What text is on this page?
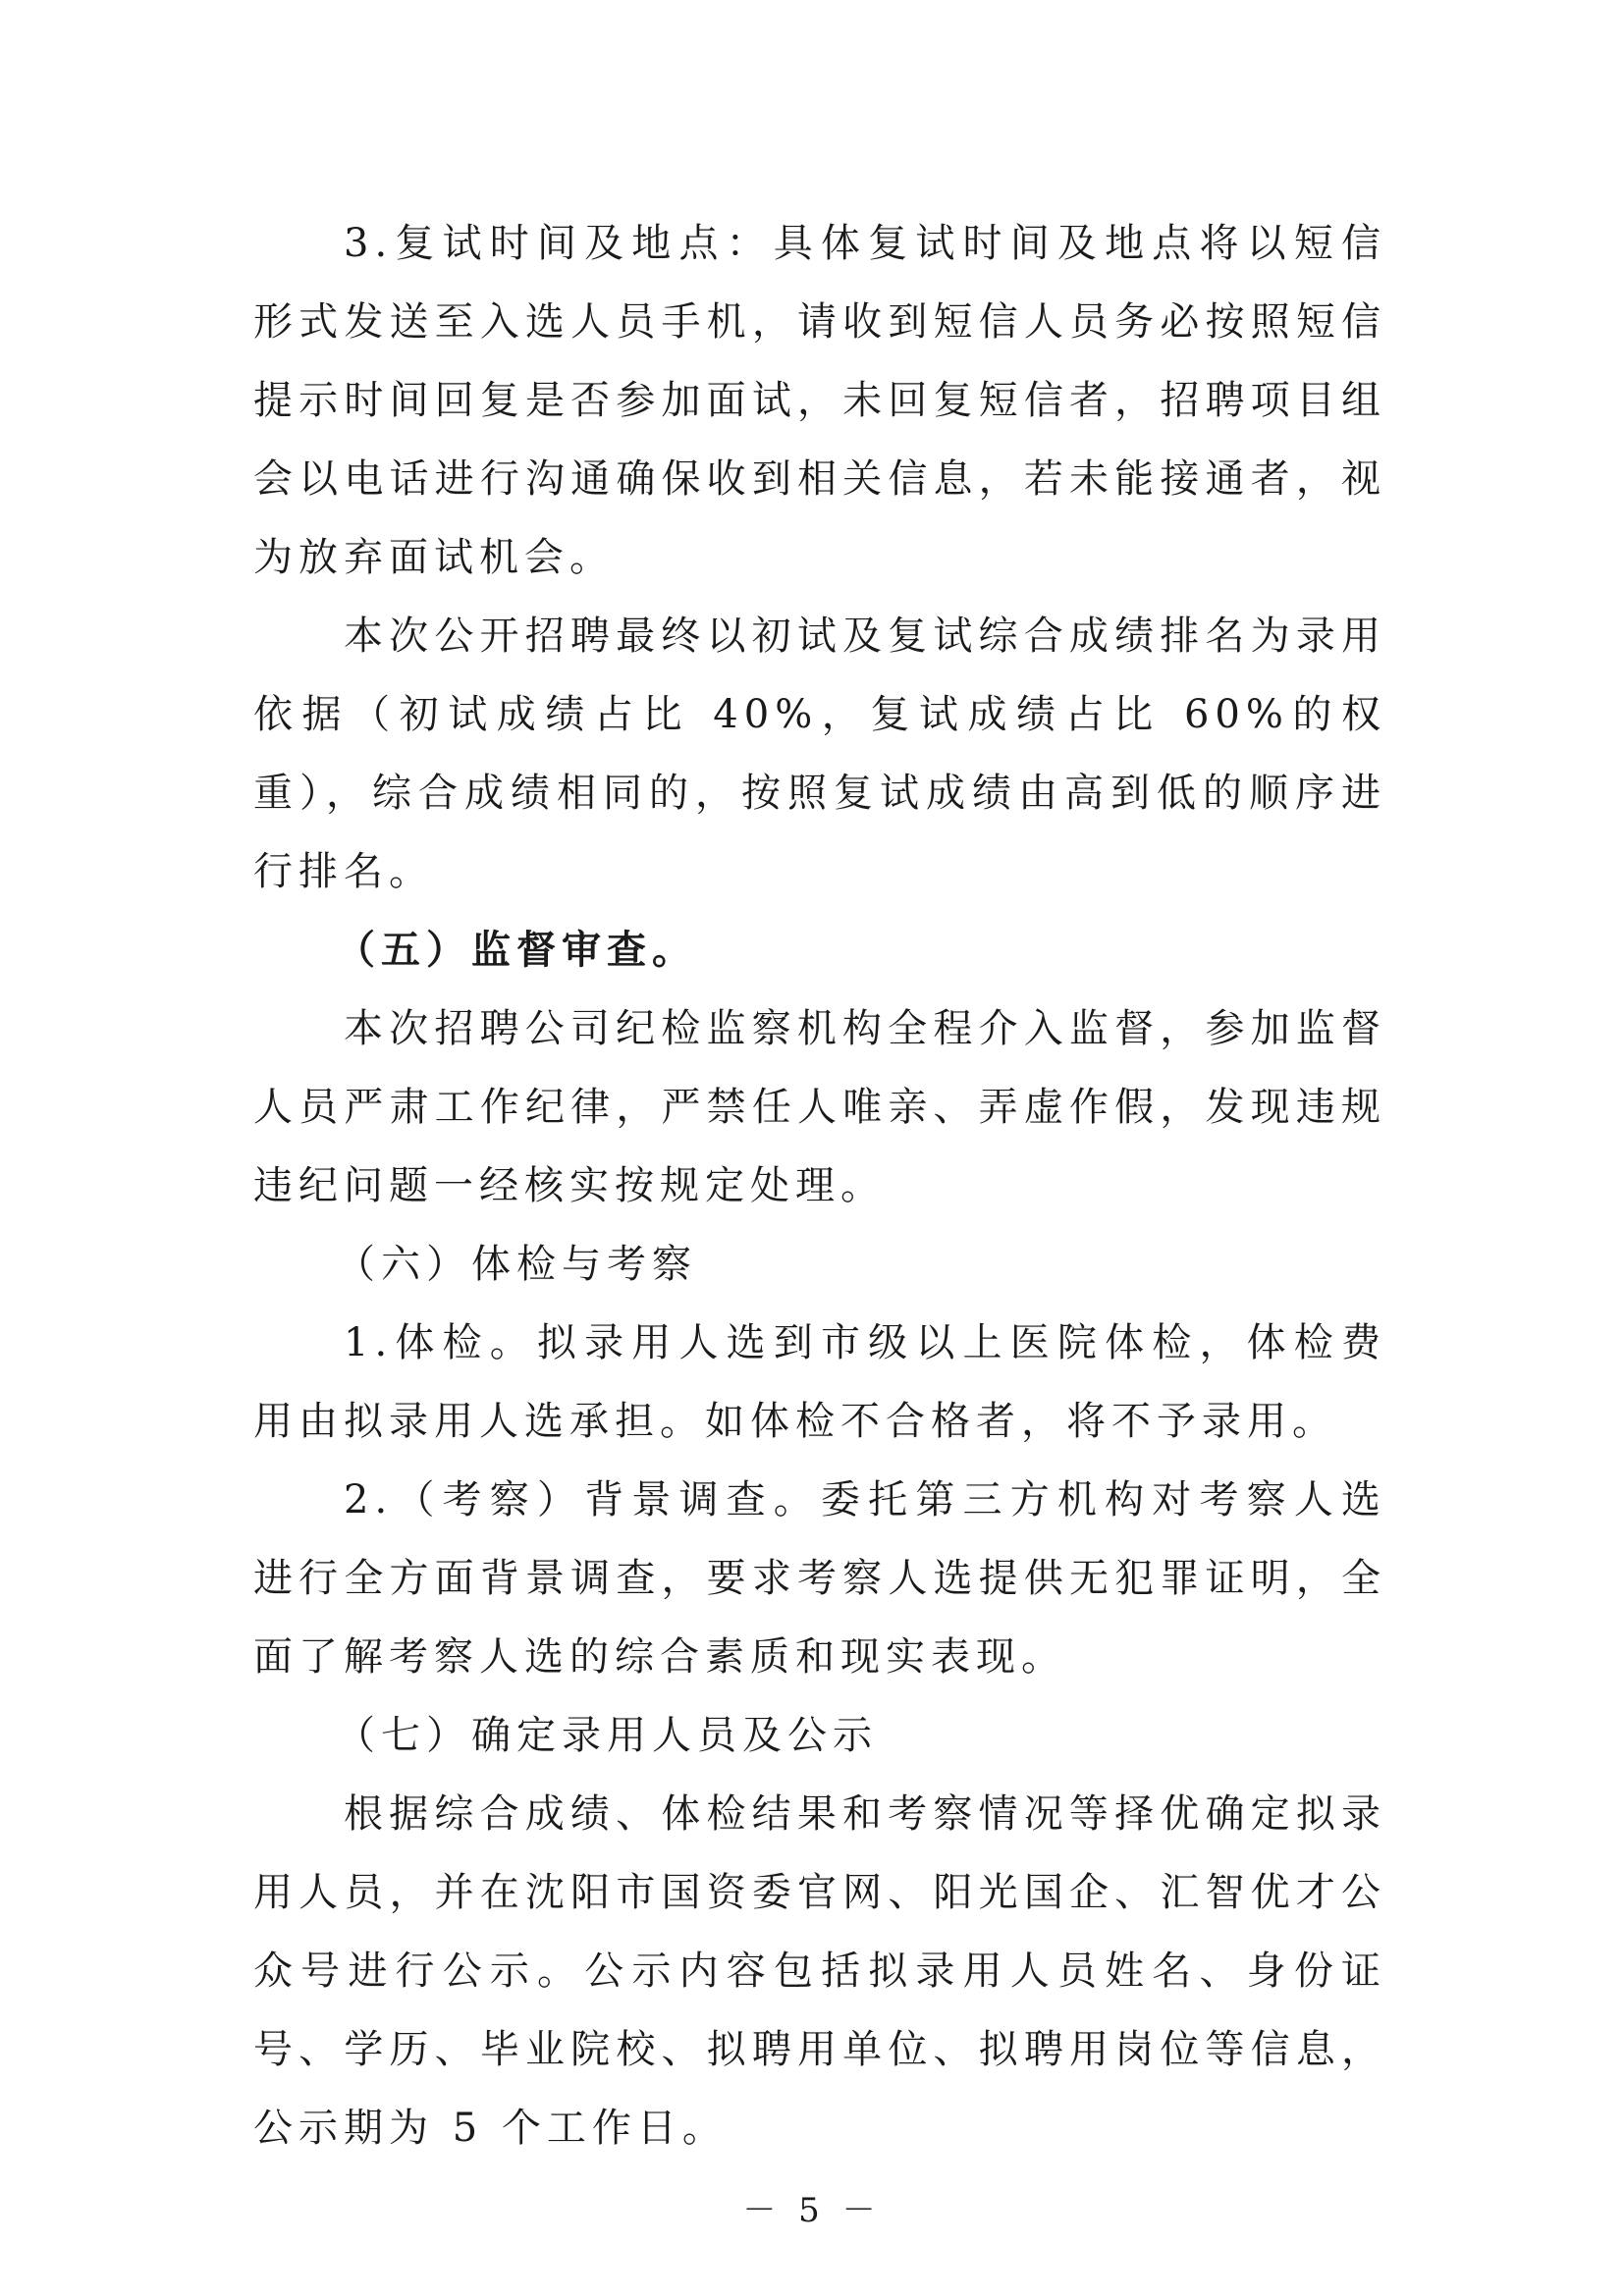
3.复试时间及地点：具体复试时间及地点将以短信形式发送至入选人员手机，请收到短信人员务必按照短信提示时间回复是否参加面试，未回复短信者，招聘项目组会以电话进行沟通确保收到相关信息，若未能接通者，视为放弃面试机会。

本次公开招聘最终以初试及复试综合成绩排名为录用依据（初试成绩占比 40%，复试成绩占比 60%的权重），综合成绩相同的，按照复试成绩由高到低的顺序进行排名。

（五）监督审查。

本次招聘公司纪检监察机构全程介入监督，参加监督人员严肃工作纪律，严禁任人唯亲、弄虚作假，发现违规违纪问题一经核实按规定处理。

（六）体检与考察

1.体检。拟录用人选到市级以上医院体检，体检费用由拟录用人选承担。如体检不合格者，将不予录用。

2.（考察）背景调查。委托第三方机构对考察人选进行全方面背景调查，要求考察人选提供无犯罪证明，全面了解考察人选的综合素质和现实表现。

（七）确定录用人员及公示

根据综合成绩、体检结果和考察情况等择优确定拟录用人员，并在沈阳市国资委官网、阳光国企、汇智优才公众号进行公示。公示内容包括拟录用人员姓名、身份证号、学历、毕业院校、拟聘用单位、拟聘用岗位等信息，公示期为 5 个工作日。

－ 5 －
